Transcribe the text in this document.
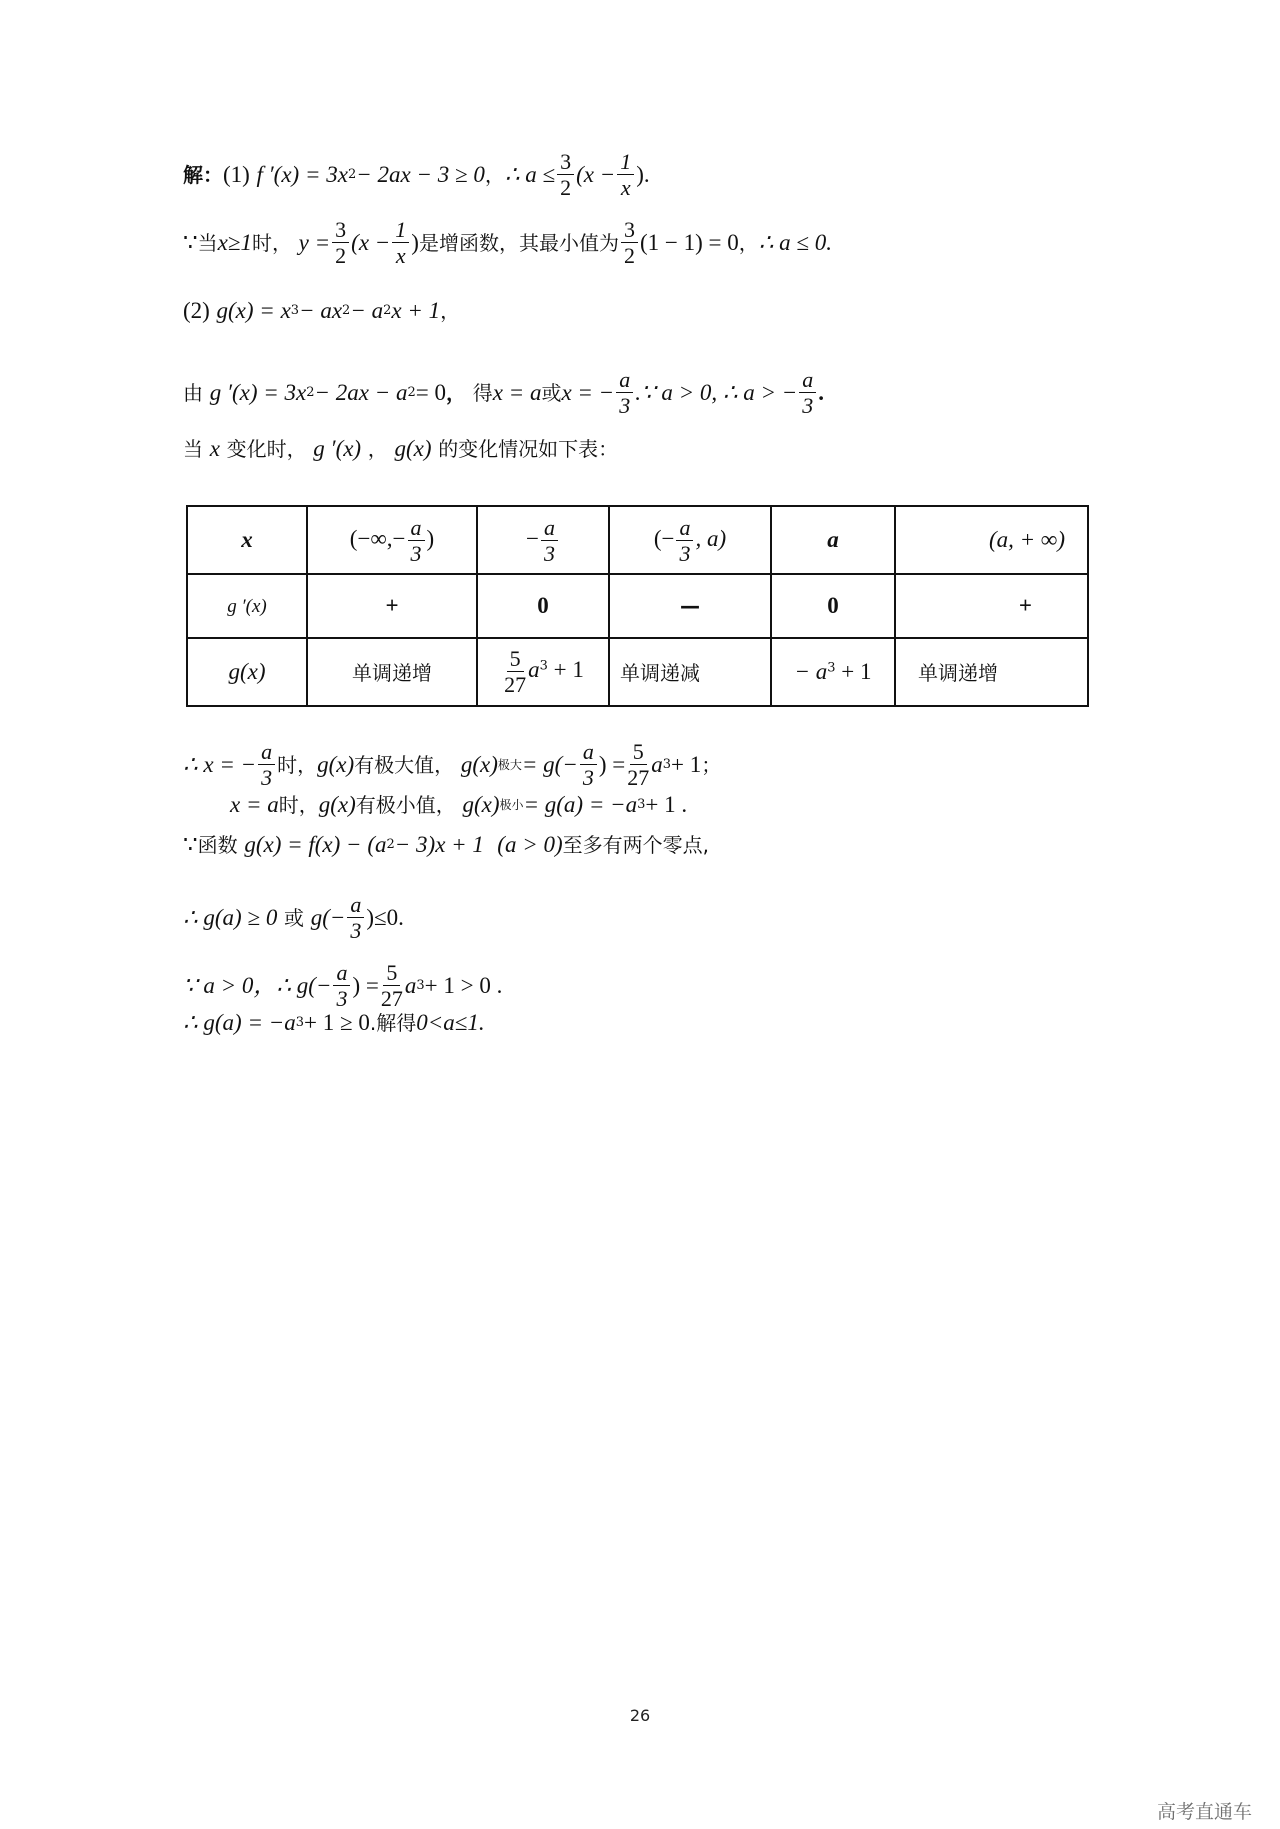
解 ： (1)
f ′(x) = 3x 2 − 2ax − 3 ≥ 0 ， ∴ $a \le \frac{3}{2} (x - \frac{1}{x}$ ).
∵ 当 x≥1 时，
$y = \frac{3}{2} (x - \frac{1}{x}$ ) 是增函数，其最小值为 $\frac{3}{2} (1 - 1) = 0$ ， ∴ a ≤ 0.
(2)
g(x) = x 3 − ax 2 − a 2 x + 1 ，
由
g ′(x) = 3x 2 − 2ax − a 2 = 0 ，
得 x = a 或 x = − $\frac{a}{3}$ .∵ a > 0, ∴ a > − $\frac{a}{3}$ .
当
x
变化时，
g ′(x)
，
g(x)
的变化情况如下表：
x	(−∞,− $\frac{a}{3}$ )	− $\frac{a}{3}$	(− $\frac{a}{3}$ , a)	a	(a, + ∞)
g ′(x)	+	0	—	0	+
g(x)	单调递增	$\frac{5}{27} a^3 + 1$	单调递减	− $a^3 + 1$	单调递增
∴ x = − $\frac{a}{3}$ 时， g(x) 有极大值，
g(x) 极大 = $g(- \frac{a}{3}$ ) = $\frac{5}{27}$ a 3 + 1 ；
x = a 时， g(x) 有极小值，
g(x) 极小 = g(a) = −a 3 + 1 .
∵ 函数
g(x) = f(x) − (a 2 − 3)x + 1
(a > 0) 至多有两个零点,
∴ g(a) ≥ 0
或
$g(- \frac{a}{3} )\le 0$.
∵ a > 0， ∴ $g(- \frac{a}{3}$ ) = $\frac{5}{27}$ a 3 + 1 > 0 .
∴ g(a) = −a 3 + 1 ≥ 0 .解得 0<a≤1.
26
高考直通车
